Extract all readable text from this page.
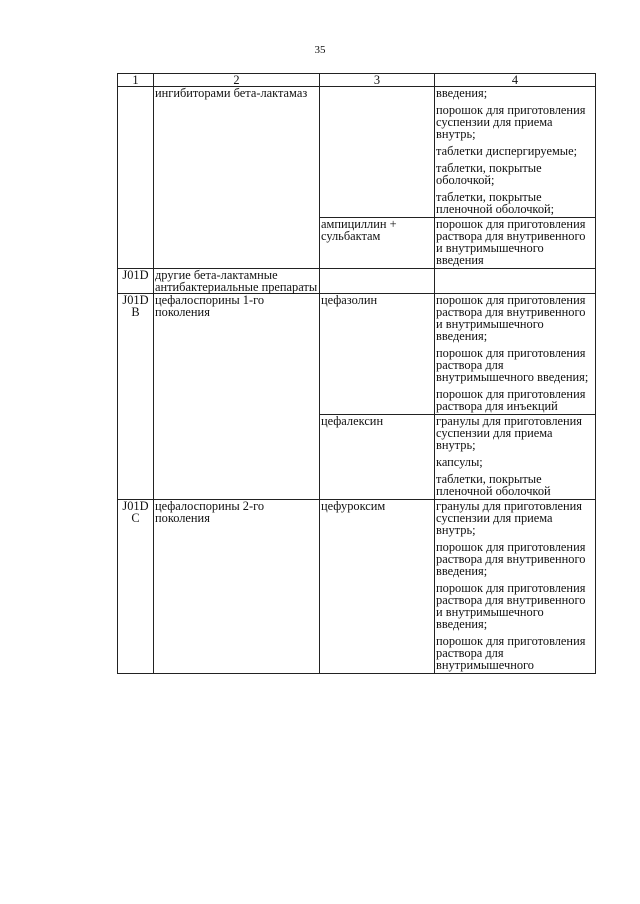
35
1	2	3	4
	ингибиторами бета-лактамаз		введения;
порошок для приготовления суспензии для приема внутрь;
таблетки диспергируемые;
таблетки, покрытые оболочкой;
таблетки, покрытые пленочной оболочкой;

		ампициллин + сульбактам	порошок для приготовления раствора для внутривенного и внутримышечного введения

J01D	другие бета-лактамные антибактериальные препараты		

J01D B	цефалоспорины 1-го поколения	цефазолин	порошок для приготовления раствора для внутривенного и внутримышечного введения;
порошок для приготовления раствора для внутримышечного введения;
порошок для приготовления раствора для инъекций

		цефалексин	гранулы для приготовления суспензии для приема внутрь;
капсулы;
таблетки, покрытые пленочной оболочкой

J01D C	цефалоспорины 2-го поколения	цефуроксим	гранулы для приготовления суспензии для приема внутрь;
порошок для приготовления раствора для внутривенного введения;
порошок для приготовления раствора для внутривенного и внутримышечного введения;
порошок для приготовления раствора для внутримышечного
